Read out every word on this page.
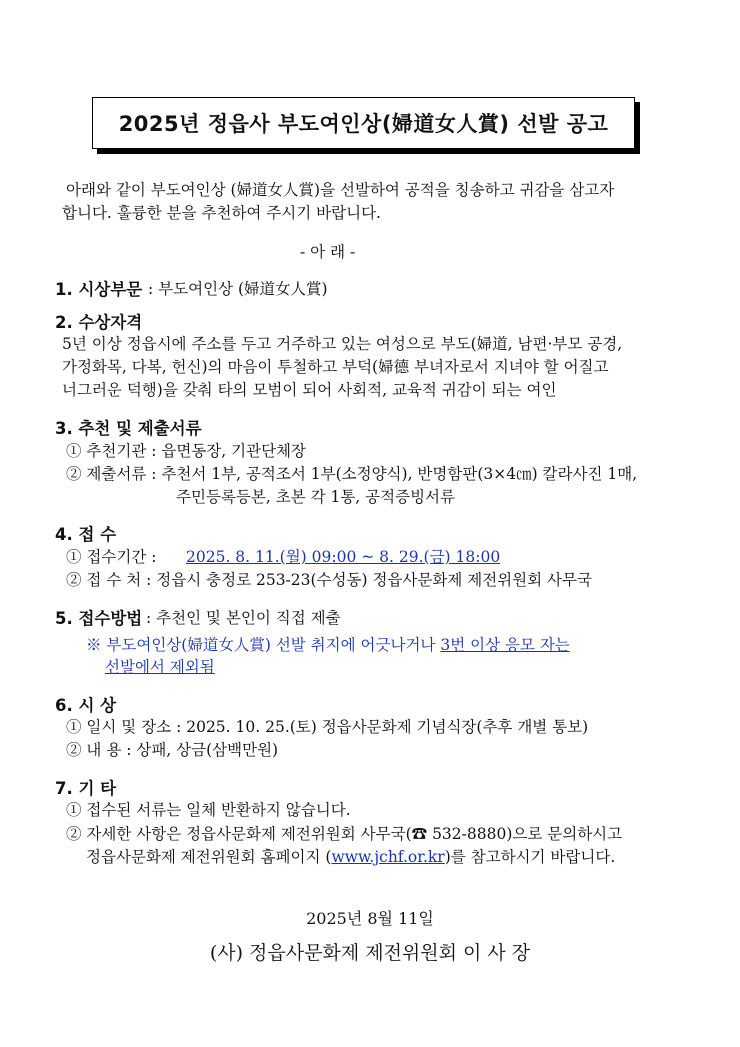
2025년 정읍사 부도여인상(婦道女人賞) 선발 공고
아래와 같이 부도여인상 (婦道女人賞)을 선발하여 공적을 칭송하고 귀감을 삼고자
합니다. 훌륭한 분을 추천하여 주시기 바랍니다.
- 아 래 -
1. 시상부문 : 부도여인상 (婦道女人賞)
2. 수상자격
5년 이상 정읍시에 주소를 두고 거주하고 있는 여성으로 부도(婦道, 남편·부모 공경,
가정화목, 다복, 헌신)의 마음이 투철하고 부덕(婦德 부녀자로서 지녀야 할 어질고
너그러운 덕행)을 갖춰 타의 모범이 되어 사회적, 교육적 귀감이 되는 여인
3. 추천 및 제출서류
① 추천기관 : 읍면동장, 기관단체장
② 제출서류 : 추천서 1부, 공적조서 1부(소정양식), 반명함판(3×4㎝) 칼라사진 1매,
주민등록등본, 초본 각 1통, 공적증빙서류
4. 접 수
① 접수기간 : 2025. 8. 11.(월) 09:00 ~ 8. 29.(금) 18:00
② 접 수 처 : 정읍시 충정로 253-23(수성동) 정읍사문화제 제전위원회 사무국
5. 접수방법 : 추천인 및 본인이 직접 제출
※ 부도여인상(婦道女人賞) 선발 취지에 어긋나거나 3번 이상 응모 자는
선발에서 제외됨
6. 시 상
① 일시 및 장소 : 2025. 10. 25.(토) 정읍사문화제 기념식장(추후 개별 통보)
② 내 용 : 상패, 상금(삼백만원)
7. 기 타
① 접수된 서류는 일체 반환하지 않습니다.
② 자세한 사항은 정읍사문화제 제전위원회 사무국(☎ 532-8880)으로 문의하시고
정읍사문화제 제전위원회 홈페이지 (www.jchf.or.kr)를 참고하시기 바랍니다.
2025년 8월 11일
(사) 정읍사문화제 제전위원회 이 사 장
